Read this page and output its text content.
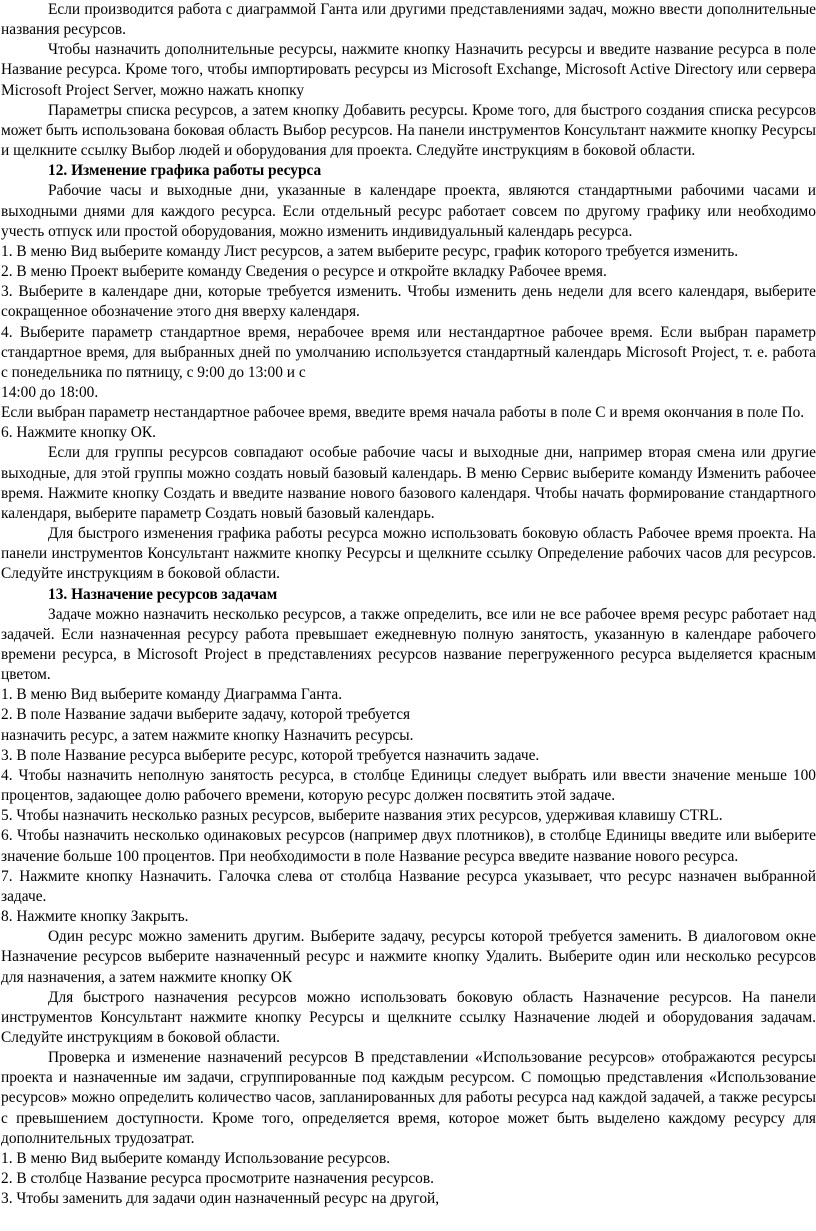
Если производится работа с диаграммой Ганта или другими представлениями задач, можно ввести дополнительные названия ресурсов.

Чтобы назначить дополнительные ресурсы, нажмите кнопку Назначить ресурсы и введите название ресурса в поле Название ресурса. Кроме того, чтобы импортировать ресурсы из Microsoft Exchange, Microsoft Active Directory или сервера Microsoft Project Server, можно нажать кнопку

Параметры списка ресурсов, а затем кнопку Добавить ресурсы. Кроме того, для быстрого создания списка ресурсов может быть использована боковая область Выбор ресурсов. На панели инструментов Консультант нажмите кнопку Ресурсы и щелкните ссылку Выбор людей и оборудования для проекта. Следуйте инструкциям в боковой области.

12. Изменение графика работы ресурса

Рабочие часы и выходные дни, указанные в календаре проекта, являются стандартными рабочими часами и выходными днями для каждого ресурса. Если отдельный ресурс работает совсем по другому графику или необходимо учесть отпуск или простой оборудования, можно изменить индивидуальный календарь ресурса.

1. В меню Вид выберите команду Лист ресурсов, а затем выберите ресурс, график которого требуется изменить.

2. В меню Проект выберите команду Сведения о ресурсе и откройте вкладку Рабочее время.

3. Выберите в календаре дни, которые требуется изменить. Чтобы изменить день недели для всего календаря, выберите сокращенное обозначение этого дня вверху календаря.

4. Выберите параметр стандартное время, нерабочее время или нестандартное рабочее время. Если выбран параметр стандартное время, для выбранных дней по умолчанию используется стандартный календарь Microsoft Project, т. е. работа с понедельника по пятницу, с 9:00 до 13:00 и с

14:00 до 18:00.

Если выбран параметр нестандартное рабочее время, введите время начала работы в поле С и время окончания в поле По.

6. Нажмите кнопку ОК.

Если для группы ресурсов совпадают особые рабочие часы и выходные дни, например вторая смена или другие выходные, для этой группы можно создать новый базовый календарь. В меню Сервис выберите команду Изменить рабочее время. Нажмите кнопку Создать и введите название нового базового календаря. Чтобы начать формирование стандартного календаря, выберите параметр Создать новый базовый календарь.

Для быстрого изменения графика работы ресурса можно использовать боковую область Рабочее время проекта. На панели инструментов Консультант нажмите кнопку Ресурсы и щелкните ссылку Определение рабочих часов для ресурсов. Следуйте инструкциям в боковой области.

13. Назначение ресурсов задачам

Задаче можно назначить несколько ресурсов, а также определить, все или не все рабочее время ресурс работает над задачей. Если назначенная ресурсу работа превышает ежедневную полную занятость, указанную в календаре рабочего времени ресурса, в Microsoft Project в представлениях ресурсов название перегруженного ресурса выделяется красным цветом.

1. В меню Вид выберите команду Диаграмма Ганта.

2. В поле Название задачи выберите задачу, которой требуется

назначить ресурс, а затем нажмите кнопку Назначить ресурсы.

3. В поле Название ресурса выберите ресурс, которой требуется назначить задаче.

4. Чтобы назначить неполную занятость ресурса, в столбце Единицы следует выбрать или ввести значение меньше 100 процентов, задающее долю рабочего времени, которую ресурс должен посвятить этой задаче.

5. Чтобы назначить несколько разных ресурсов, выберите названия этих ресурсов, удерживая клавишу CTRL.

6. Чтобы назначить несколько одинаковых ресурсов (например двух плотников), в столбце Единицы введите или выберите значение больше 100 процентов. При необходимости в поле Название ресурса введите название нового ресурса.

7. Нажмите кнопку Назначить. Галочка слева от столбца Название ресурса указывает, что ресурс назначен выбранной задаче.

8. Нажмите кнопку Закрыть.

Один ресурс можно заменить другим. Выберите задачу, ресурсы которой требуется заменить. В диалоговом окне Назначение ресурсов выберите назначенный ресурс и нажмите кнопку Удалить. Выберите один или несколько ресурсов для назначения, а затем нажмите кнопку ОК

Для быстрого назначения ресурсов можно использовать боковую область Назначение ресурсов. На панели инструментов Консультант нажмите кнопку Ресурсы и щелкните ссылку Назначение людей и оборудования задачам. Следуйте инструкциям в боковой области.

Проверка и изменение назначений ресурсов В представлении «Использование ресурсов» отображаются ресурсы проекта и назначенные им задачи, сгруппированные под каждым ресурсом. С помощью представления «Использование ресурсов» можно определить количество часов, запланированных для работы ресурса над каждой задачей, а также ресурсы с превышением доступности. Кроме того, определяется время, которое может быть выделено каждому ресурсу для дополнительных трудозатрат.

1. В меню Вид выберите команду Использование ресурсов.

2. В столбце Название ресурса просмотрите назначения ресурсов.

3. Чтобы заменить для задачи один назначенный ресурс на другой,
